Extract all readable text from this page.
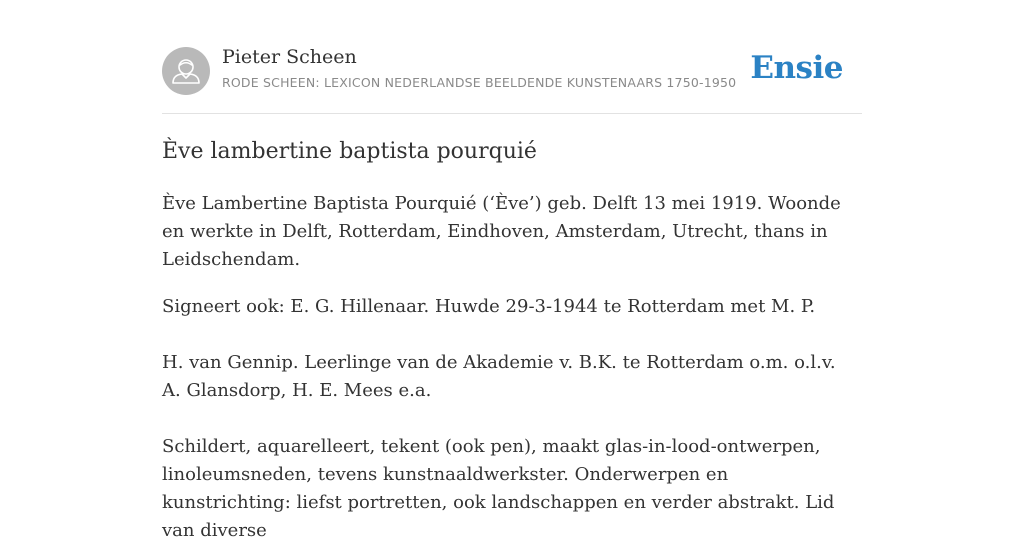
Pieter Scheen
RODE SCHEEN: LEXICON NEDERLANDSE BEELDENDE KUNSTENAARS 1750-1950 Ensie
Ève lambertine baptista pourquié

Ève Lambertine Baptista Pourquié (‘Ève’) geb. Delft 13 mei 1919. Woonde en werkte in Delft, Rotterdam, Eindhoven, Amsterdam, Utrecht, thans in Leidschendam.

Signeert ook: E. G. Hillenaar. Huwde 29-3-1944 te Rotterdam met M. P.

H. van Gennip. Leerlinge van de Akademie v. B.K. te Rotterdam o.m. o.l.v. A. Glansdorp, H. E. Mees e.a.

Schildert, aquarelleert, tekent (ook pen), maakt glas-in-lood-ontwerpen, linoleumsneden, tevens kunstnaaldwerkster. Onderwerpen en kunstrichting: liefst portretten, ook landschappen en verder abstrakt. Lid van diverse
